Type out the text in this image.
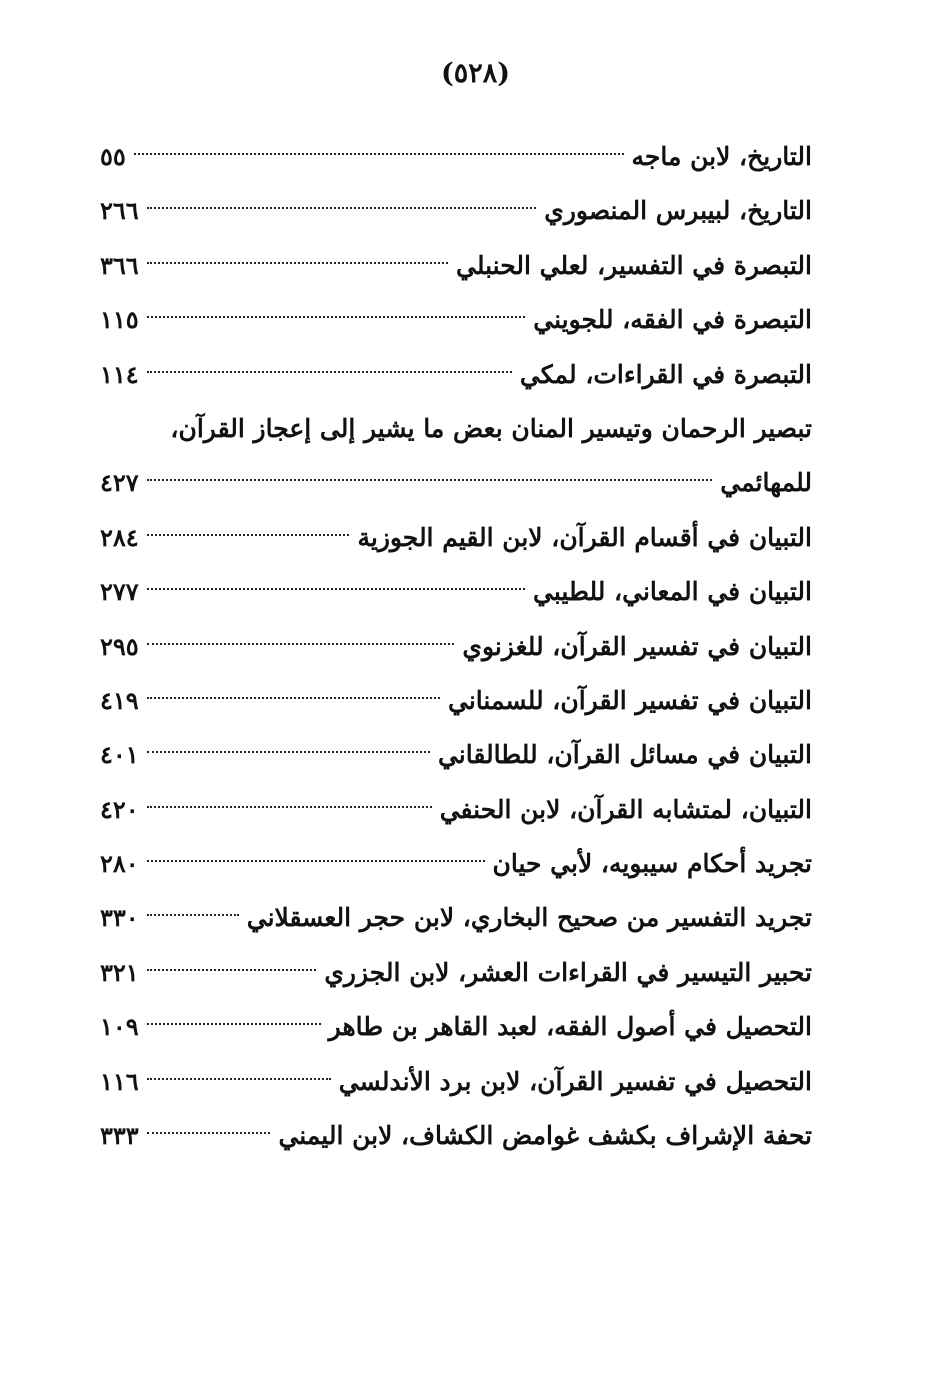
(٥٢٨)
التاريخ، لابن ماجه
٥٥
التاريخ، لبيبرس المنصوري
٢٦٦
التبصرة في التفسير، لعلي الحنبلي
٣٦٦
التبصرة في الفقه، للجويني
١١٥
التبصرة في القراءات، لمكي
١١٤
تبصير الرحمان وتيسير المنان بعض ما يشير إلى إعجاز القرآن،
للمهائمي
٤٢٧
التبيان في أقسام القرآن، لابن القيم الجوزية
٢٨٤
التبيان في المعاني، للطيبي
٢٧٧
التبيان في تفسير القرآن، للغزنوي
٢٩٥
التبيان في تفسير القرآن، للسمناني
٤١٩
التبيان في مسائل القرآن، للطالقاني
٤٠١
التبيان، لمتشابه القرآن، لابن الحنفي
٤٢٠
تجريد أحكام سيبويه، لأبي حيان
٢٨٠
تجريد التفسير من صحيح البخاري، لابن حجر العسقلاني
٣٣٠
تحبير التيسير في القراءات العشر، لابن الجزري
٣٢١
التحصيل في أصول الفقه، لعبد القاهر بن طاهر
١٠٩
التحصيل في تفسير القرآن، لابن برد الأندلسي
١١٦
تحفة الإشراف بكشف غوامض الكشاف، لابن اليمني
٣٣٣
